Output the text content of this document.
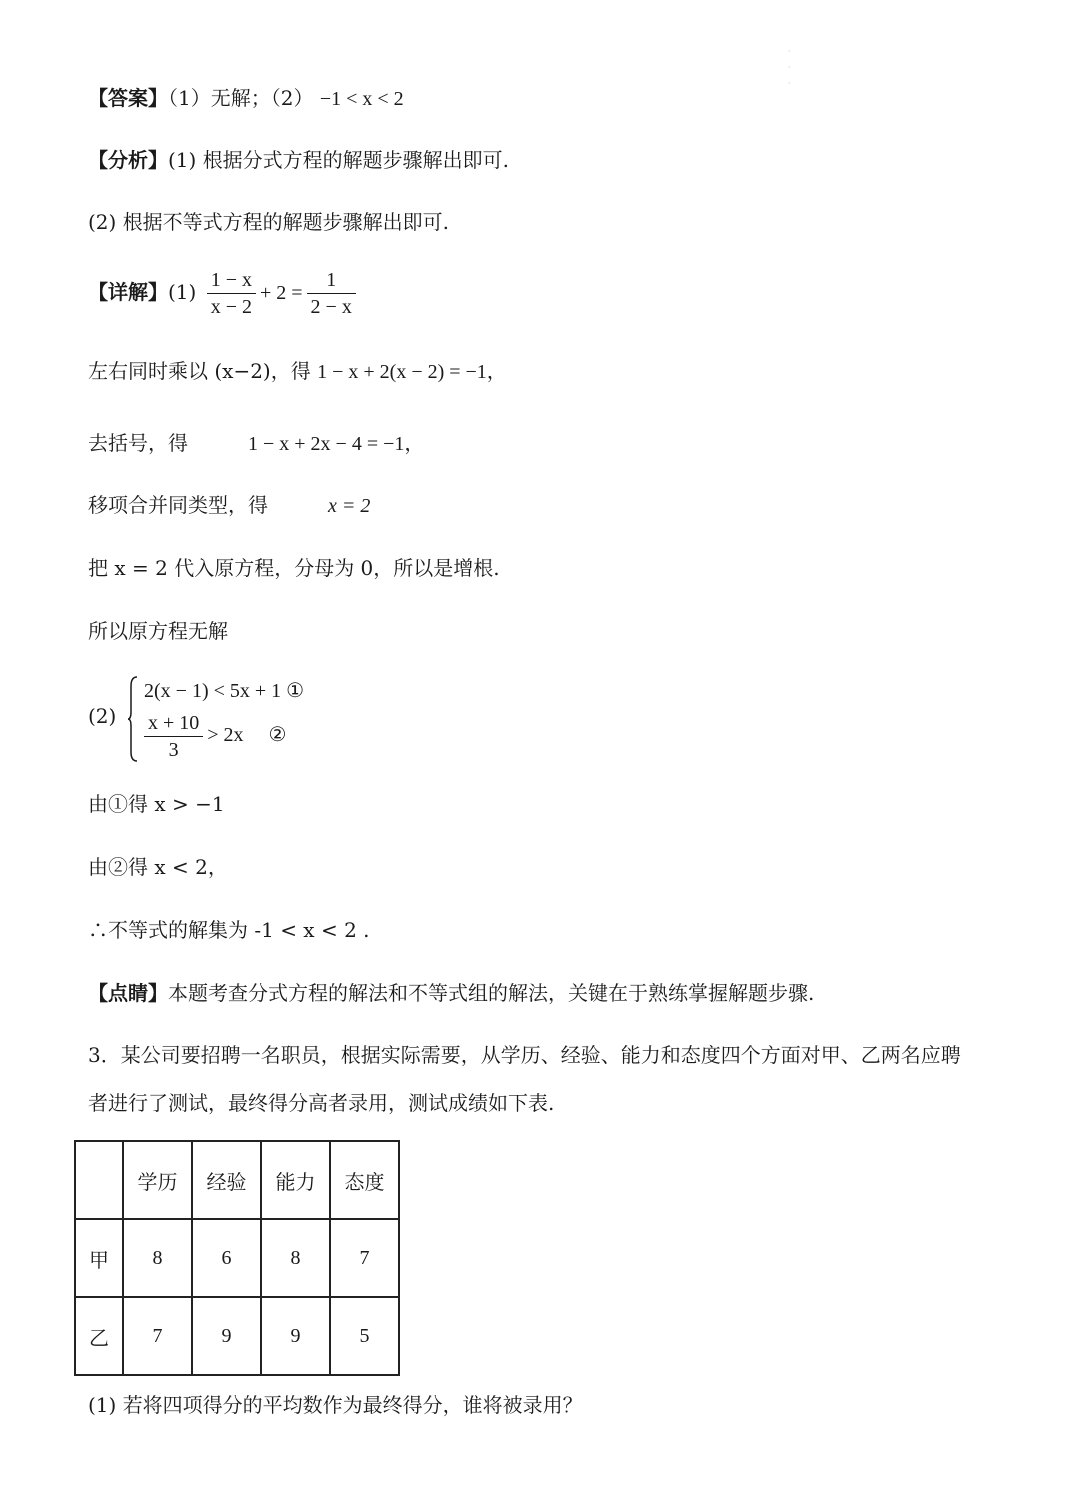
·
·
·
【答案】（1）无解；（2） −1 < x < 2
【分析】(1) 根据分式方程的解题步骤解出即可.
(2) 根据不等式方程的解题步骤解出即可.
【详解】$(1) \frac{1 - x}{x - 2} + 2 = \frac{1}{2 - x}$
左右同时乘以 (x−2)，得 1 − x + 2(x − 2) = −1，
去括号，得	1 − x + 2x − 4 = −1，
移项合并同类型，得	x = 2
把 x = 2 代入原方程，分母为 0，所以是增根.
所以原方程无解
(2)
2(x − 1) < 5x + 1 ①
$\frac{x + 10}{3} > 2x$     ②
由①得 x > −1
由②得 x < 2，
∴不等式的解集为 -1 < x < 2 .
【点睛】本题考查分式方程的解法和不等式组的解法，关键在于熟练掌握解题步骤.
3．某公司要招聘一名职员，根据实际需要，从学历、经验、能力和态度四个方面对甲、乙两名应聘
者进行了测试，最终得分高者录用，测试成绩如下表.
	学历	经验	能力	态度
甲	8	6	8	7
乙	7	9	9	5
(1) 若将四项得分的平均数作为最终得分，谁将被录用？
